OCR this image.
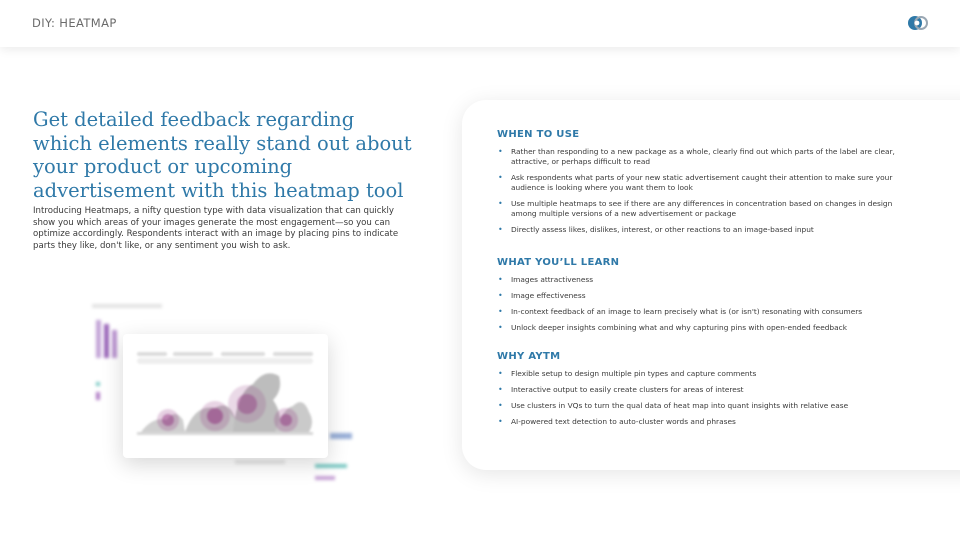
DIY: HEATMAP
Get detailed feedback regarding which elements really stand out about your product or upcoming advertisement with this heatmap tool

Introducing Heatmaps, a nifty question type with data visualization that can quickly show you which areas of your images generate the most engagement—so you can optimize accordingly. Respondents interact with an image by placing pins to indicate parts they like, don't like, or any sentiment you wish to ask.

WHEN TO USE
• Rather than responding to a new package as a whole, clearly find out which parts of the label are clear, attractive, or perhaps difficult to read
• Ask respondents what parts of your new static advertisement caught their attention to make sure your audience is looking where you want them to look
• Use multiple heatmaps to see if there are any differences in concentration based on changes in design among multiple versions of a new advertisement or package
• Directly assess likes, dislikes, interest, or other reactions to an image-based input
WHAT YOU’LL LEARN
• Images attractiveness
• Image effectiveness
• In-context feedback of an image to learn precisely what is (or isn't) resonating with consumers
• Unlock deeper insights combining what and why capturing pins with open-ended feedback
WHY AYTM
• Flexible setup to design multiple pin types and capture comments
• Interactive output to easily create clusters for areas of interest
• Use clusters in VQs to turn the qual data of heat map into quant insights with relative ease
• AI-powered text detection to auto-cluster words and phrases
